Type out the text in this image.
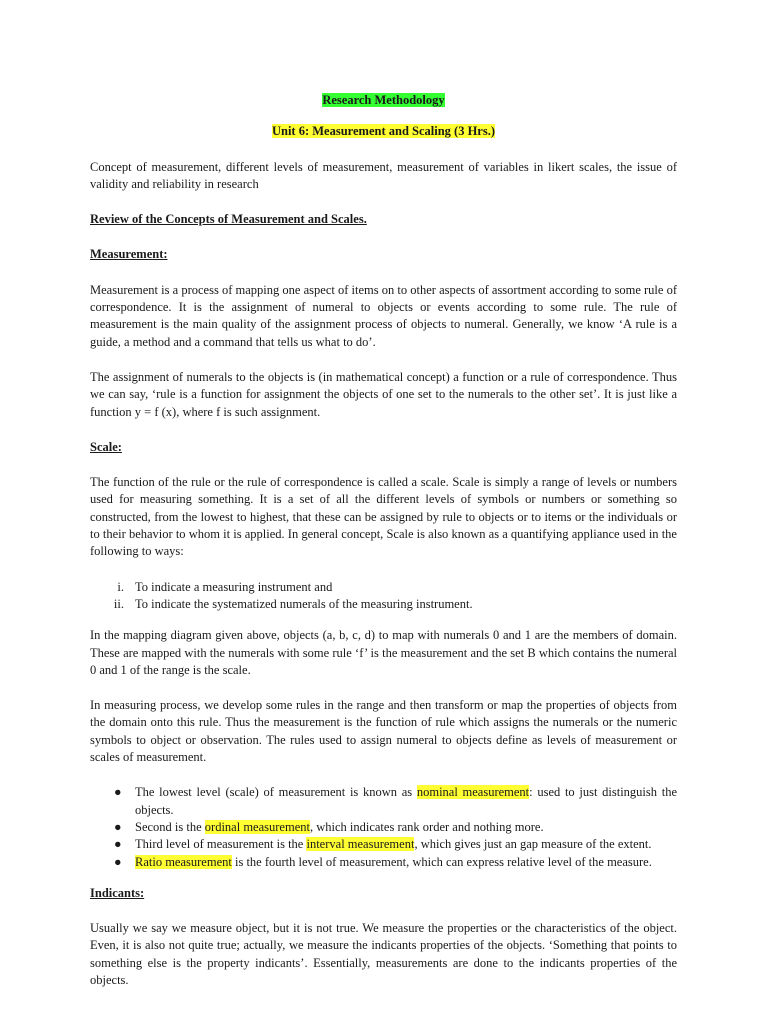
Research Methodology

Unit 6: Measurement and Scaling (3 Hrs.)

Concept of measurement, different levels of measurement, measurement of variables in likert scales, the issue of validity and reliability in research

Review of the Concepts of Measurement and Scales.

Measurement:

Measurement is a process of mapping one aspect of items on to other aspects of assortment according to some rule of correspondence. It is the assignment of numeral to objects or events according to some rule. The rule of measurement is the main quality of the assignment process of objects to numeral. Generally, we know ‘A rule is a guide, a method and a command that tells us what to do’.

The assignment of numerals to the objects is (in mathematical concept) a function or a rule of correspondence. Thus we can say, ‘rule is a function for assignment the objects of one set to the numerals to the other set’. It is just like a function y = f (x), where f is such assignment.

Scale:

The function of the rule or the rule of correspondence is called a scale. Scale is simply a range of levels or numbers used for measuring something. It is a set of all the different levels of symbols or numbers or something so constructed, from the lowest to highest, that these can be assigned by rule to objects or to items or the individuals or to their behavior to whom it is applied. In general concept, Scale is also known as a quantifying appliance used in the following to ways:

i. To indicate a measuring instrument and
ii. To indicate the systematized numerals of the measuring instrument.

In the mapping diagram given above, objects (a, b, c, d) to map with numerals 0 and 1 are the members of domain. These are mapped with the numerals with some rule ‘f’ is the measurement and the set B which contains the numeral 0 and 1 of the range is the scale.

In measuring process, we develop some rules in the range and then transform or map the properties of objects from the domain onto this rule. Thus the measurement is the function of rule which assigns the numerals or the numeric symbols to object or observation. The rules used to assign numeral to objects define as levels of measurement or scales of measurement.

● The lowest level (scale) of measurement is known as nominal measurement: used to just distinguish the objects.
● Second is the ordinal measurement, which indicates rank order and nothing more.
● Third level of measurement is the interval measurement, which gives just an gap measure of the extent.
● Ratio measurement is the fourth level of measurement, which can express relative level of the measure.

Indicants:

Usually we say we measure object, but it is not true. We measure the properties or the characteristics of the object. Even, it is also not quite true; actually, we measure the indicants properties of the objects. ‘Something that points to something else is the property indicants’. Essentially, measurements are done to the indicants properties of the objects.
